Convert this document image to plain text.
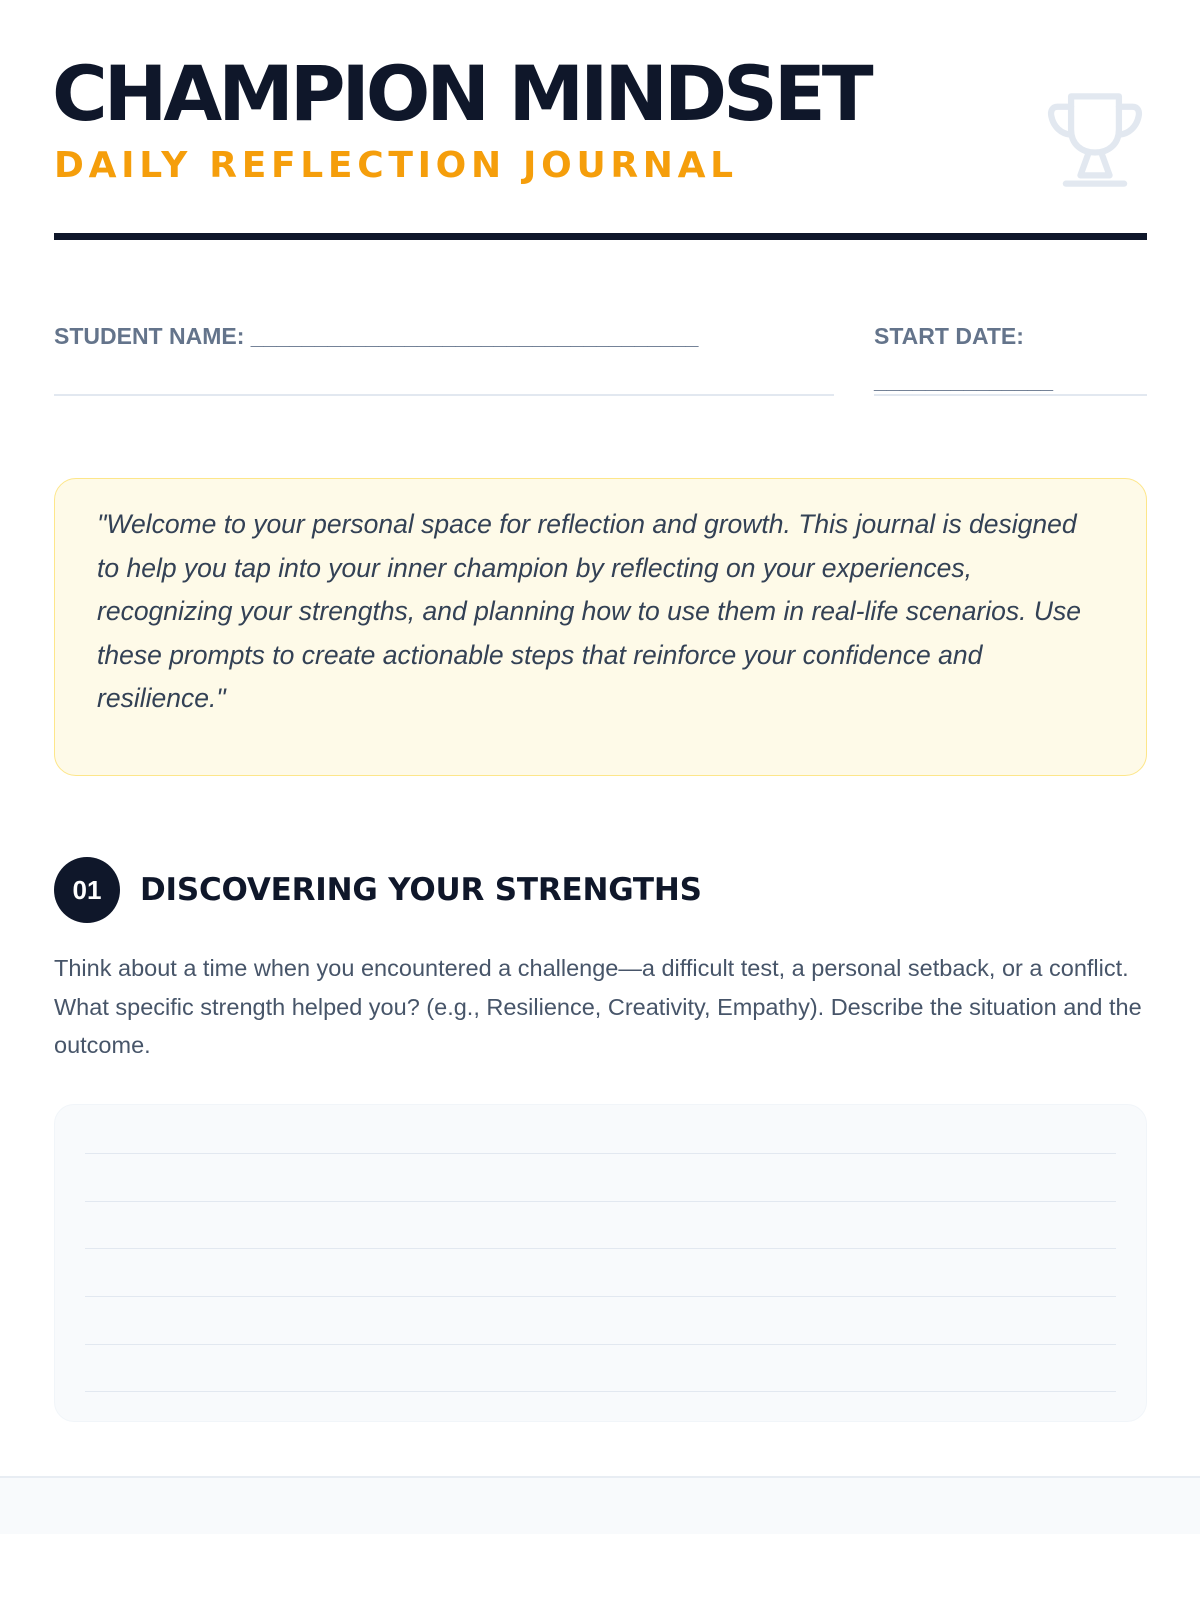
CHAMPION MINDSET
DAILY REFLECTION JOURNAL
STUDENT NAME: ___________________________________	START DATE: ______________

"Welcome to your personal space for reflection and growth. This journal is designed to help you tap into your inner champion by reflecting on your experiences, recognizing your strengths, and planning how to use them in real-life scenarios. Use these prompts to create actionable steps that reinforce your confidence and resilience."

01	DISCOVERING YOUR STRENGTHS

Think about a time when you encountered a challenge—a difficult test, a personal setback, or a conflict. What specific strength helped you? (e.g., Resilience, Creativity, Empathy). Describe the situation and the outcome.
